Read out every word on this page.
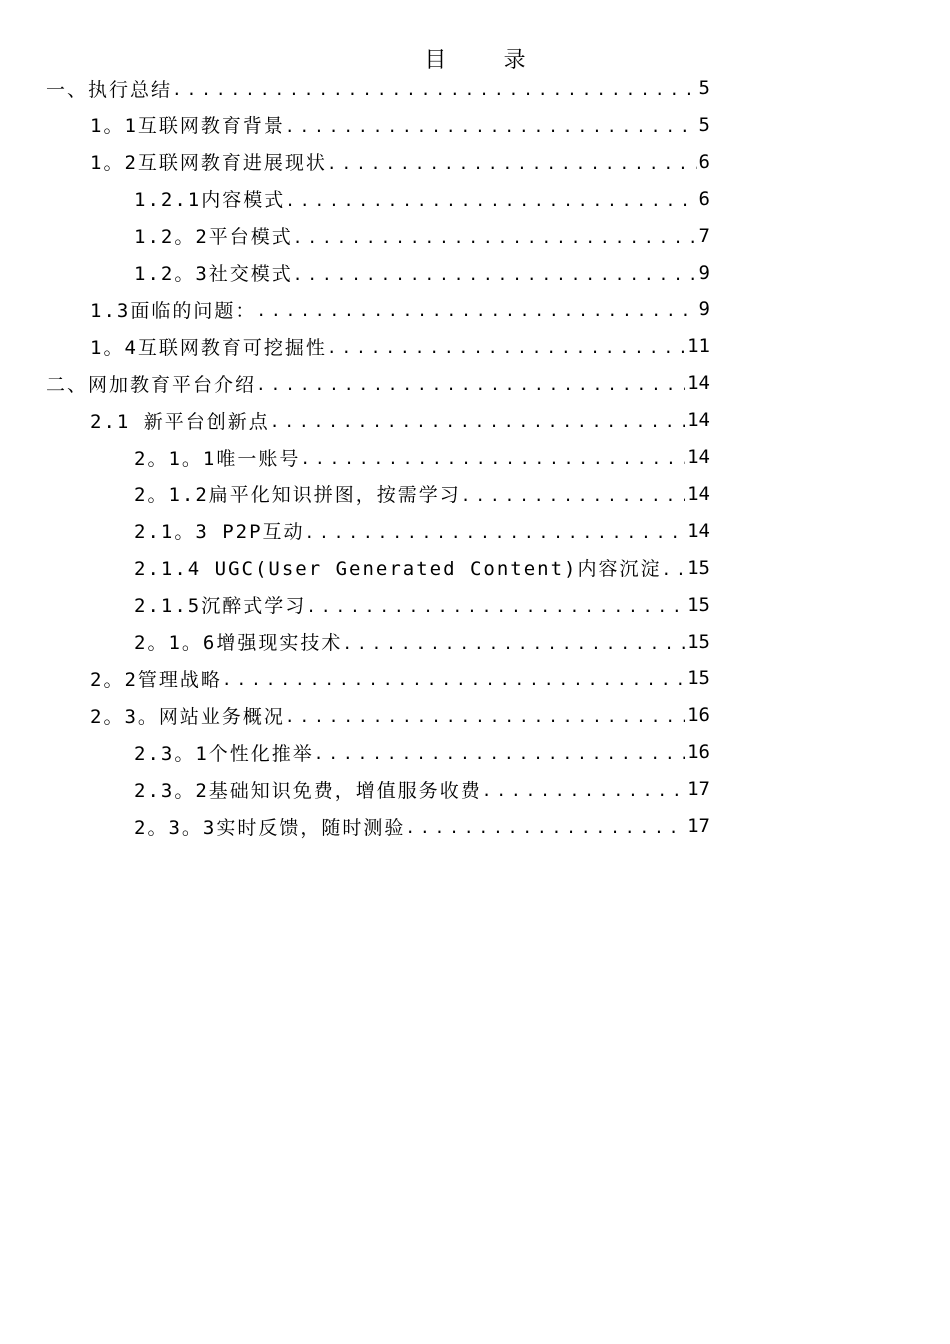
目 录
一、执行总结 .....	5
1。1互联网教育背景 .....	5
1。2互联网教育进展现状 .....	6
1.2.1内容模式 .....	6
1.2。2平台模式 .....	7
1.2。3社交模式 .....	9
1.3面临的问题： .....	9
1。4互联网教育可挖掘性 .....	11
二、网加教育平台介绍 .....	14
2.1 新平台创新点 .....	14
2。1。1唯一账号 .....	14
2。1.2扁平化知识拼图，按需学习 .....	14
2.1。3 P2P互动 .....	14
2.1.4 UGC(User Generated Content)内容沉淀 ..... 15
2.1.5沉醉式学习 .....	15
2。1。6增强现实技术 .....	15
2。2管理战略 .....	15
2。3。网站业务概况 .....	16
2.3。1个性化推举 .....	16
2.3。2基础知识免费，增值服务收费 .....	17
2。3。3实时反馈，随时测验 .....	17
